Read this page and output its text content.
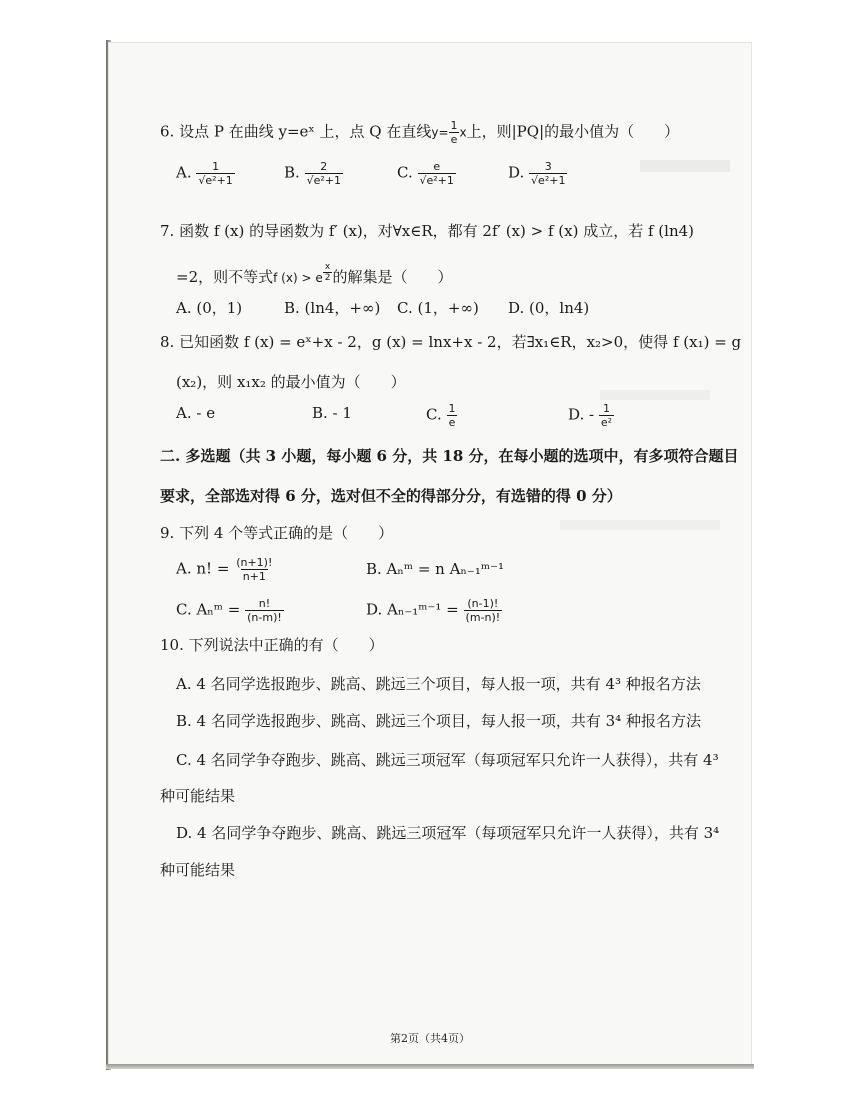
6. 设点 P 在曲线 y=eˣ 上，点 Q 在直线$y= \frac{1}{e}$ x上，则|PQ|的最小值为（　　）
A. $\frac{1}{\text{√e²+1}}$	B. $\frac{2}{\text{√e²+1}}$	C. $\frac{e}{\text{√e²+1}}$	D. $\frac{3}{\text{√e²+1}}$
7. 函数 f (x) 的导函数为 f′ (x)，对∀x∈R，都有 2f′ (x) > f (x) 成立，若 f (ln4)
=2，则不等式f (x) > e $^{\frac{x}{2}}$ 的解集是（　　）
A. (0，1)	B. (ln4，+∞) C. (1，+∞) D. (0，ln4)
8. 已知函数 f (x) = eˣ+x - 2，g (x) = lnx+x - 2，若∃x₁∈R，x₂>0，使得 f (x₁) = g
(x₂)，则 x₁x₂ 的最小值为（　　）
A. - e	B. - 1	C. $\frac{1}{e}$	D. - $\frac{1}{\text{e²}}$
二. 多选题（共 3 小题，每小题 6 分，共 18 分，在每小题的选项中，有多项符合题目
要求，全部选对得 6 分，选对但不全的得部分分，有选错的得 0 分）
9. 下列 4 个等式正确的是（　　）
A. n! = $\frac{(n+1)!}{n+1}$	B. Aₙᵐ = n Aₙ₋₁ᵐ⁻¹
C. Aₙᵐ = $\frac{n!}{(n-m)!}$	D. Aₙ₋₁ᵐ⁻¹ = $\frac{(n-1)!}{(m-n)!}$
10. 下列说法中正确的有（　　）
A. 4 名同学选报跑步、跳高、跳远三个项目，每人报一项，共有 4³ 种报名方法
B. 4 名同学选报跑步、跳高、跳远三个项目，每人报一项，共有 3⁴ 种报名方法
C. 4 名同学争夺跑步、跳高、跳远三项冠军（每项冠军只允许一人获得），共有 4³
种可能结果
D. 4 名同学争夺跑步、跳高、跳远三项冠军（每项冠军只允许一人获得），共有 3⁴
种可能结果
第2页（共4页）
